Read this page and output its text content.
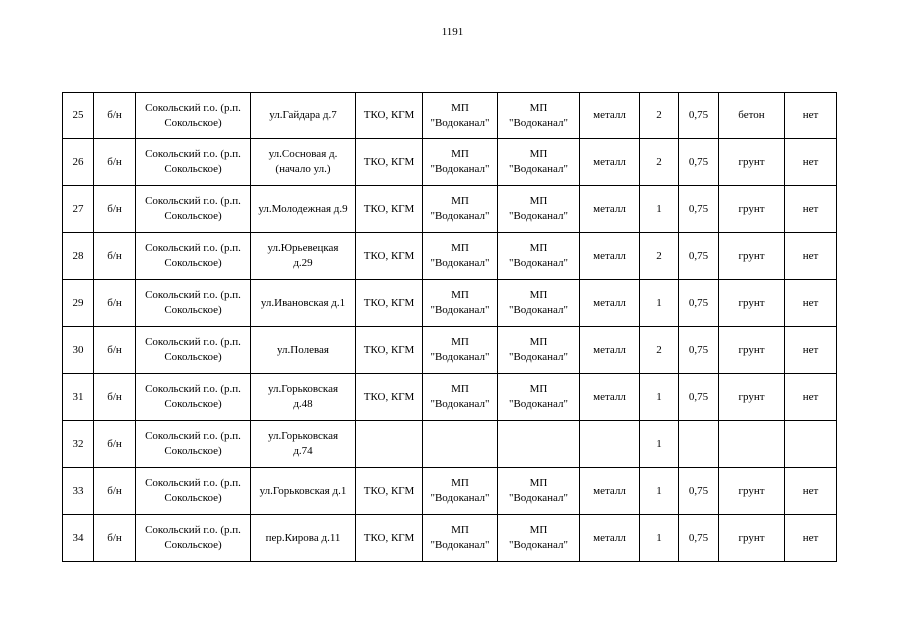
1191
25	б/н	Сокольский г.о. (р.п.
Сокольское)	ул.Гайдара д.7	ТКО, КГМ	МП
"Водоканал"	МП
"Водоканал"	металл	2	0,75	бетон	нет
26	б/н	Сокольский г.о. (р.п.
Сокольское)	ул.Сосновая д.
(начало ул.)	ТКО, КГМ	МП
"Водоканал"	МП
"Водоканал"	металл	2	0,75	грунт	нет
27	б/н	Сокольский г.о. (р.п.
Сокольское)	ул.Молодежная д.9	ТКО, КГМ	МП
"Водоканал"	МП
"Водоканал"	металл	1	0,75	грунт	нет
28	б/н	Сокольский г.о. (р.п.
Сокольское)	ул.Юрьевецкая
д.29	ТКО, КГМ	МП
"Водоканал"	МП
"Водоканал"	металл	2	0,75	грунт	нет
29	б/н	Сокольский г.о. (р.п.
Сокольское)	ул.Ивановская д.1	ТКО, КГМ	МП
"Водоканал"	МП
"Водоканал"	металл	1	0,75	грунт	нет
30	б/н	Сокольский г.о. (р.п.
Сокольское)	ул.Полевая	ТКО, КГМ	МП
"Водоканал"	МП
"Водоканал"	металл	2	0,75	грунт	нет
31	б/н	Сокольский г.о. (р.п.
Сокольское)	ул.Горьковская
д.48	ТКО, КГМ	МП
"Водоканал"	МП
"Водоканал"	металл	1	0,75	грунт	нет
32	б/н	Сокольский г.о. (р.п.
Сокольское)	ул.Горьковская
д.74					1			
33	б/н	Сокольский г.о. (р.п.
Сокольское)	ул.Горьковская д.1	ТКО, КГМ	МП
"Водоканал"	МП
"Водоканал"	металл	1	0,75	грунт	нет
34	б/н	Сокольский г.о. (р.п.
Сокольское)	пер.Кирова д.11	ТКО, КГМ	МП
"Водоканал"	МП
"Водоканал"	металл	1	0,75	грунт	нет
